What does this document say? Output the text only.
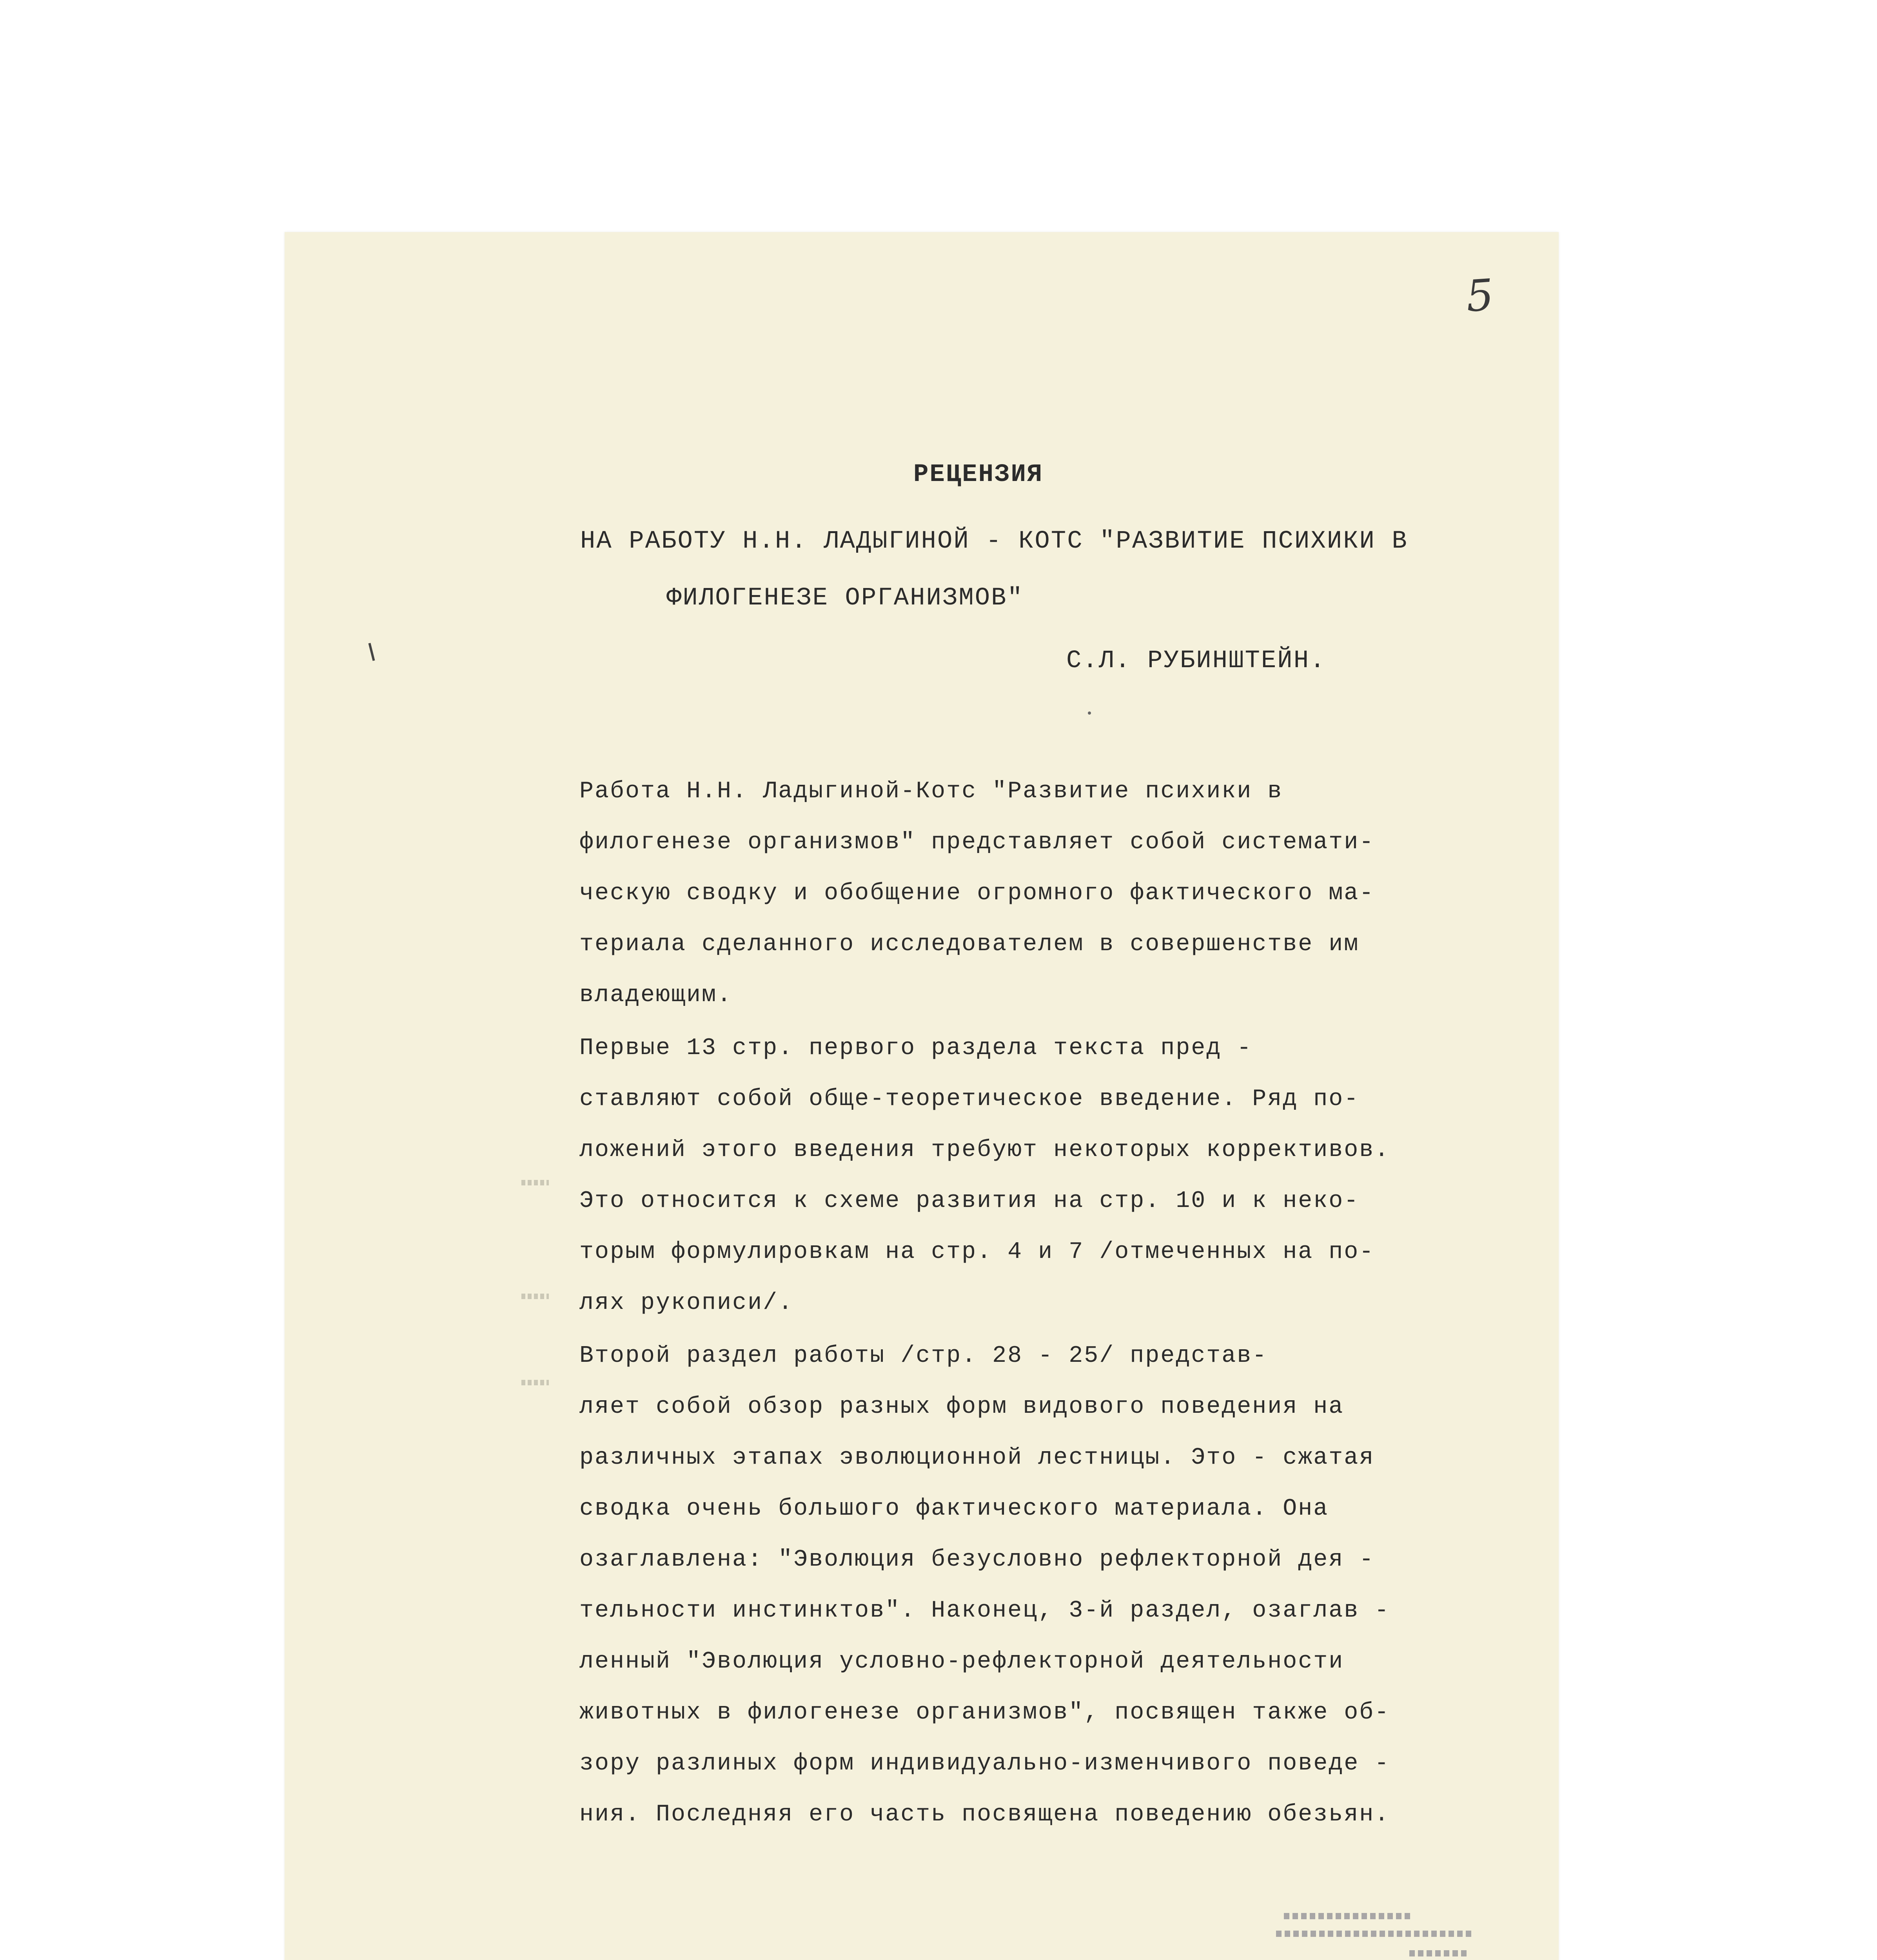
5
РЕЦЕНЗИЯ
НА РАБОТУ Н.Н. ЛАДЫГИНОЙ - КОТС "РАЗВИТИЕ ПСИХИКИ В
ФИЛОГЕНЕЗЕ ОРГАНИЗМОВ"
С.Л. РУБИНШТЕЙН.
Работа Н.Н. Ладыгиной-Котс "Развитие психики в
филогенезе организмов" представляет собой системати-
ческую сводку и обобщение огромного фактического ма-
териала сделанного исследователем в совершенстве им
владеющим.
Первые 13 стр. первого раздела текста пред -
ставляют собой обще-теоретическое введение. Ряд по-
ложений этого введения требуют некоторых коррективов.
Это относится к схеме развития на стр. 10 и к неко-
торым формулировкам на стр. 4 и 7 /отмеченных на по-
лях рукописи/.
Второй раздел работы /стр. 28 - 25/ представ-
ляет собой обзор разных форм видового поведения на
различных этапах эволюционной лестницы. Это - сжатая
сводка очень большого фактического материала. Она
озаглавлена: "Эволюция безусловно рефлекторной дея -
тельности инстинктов". Наконец, 3-й раздел, озаглав -
ленный "Эволюция условно-рефлекторной деятельности
животных в филогенезе организмов", посвящен также об-
зору разлиных форм индивидуально-изменчивого поведе -
ния. Последняя его часть посвящена поведению обезьян.
